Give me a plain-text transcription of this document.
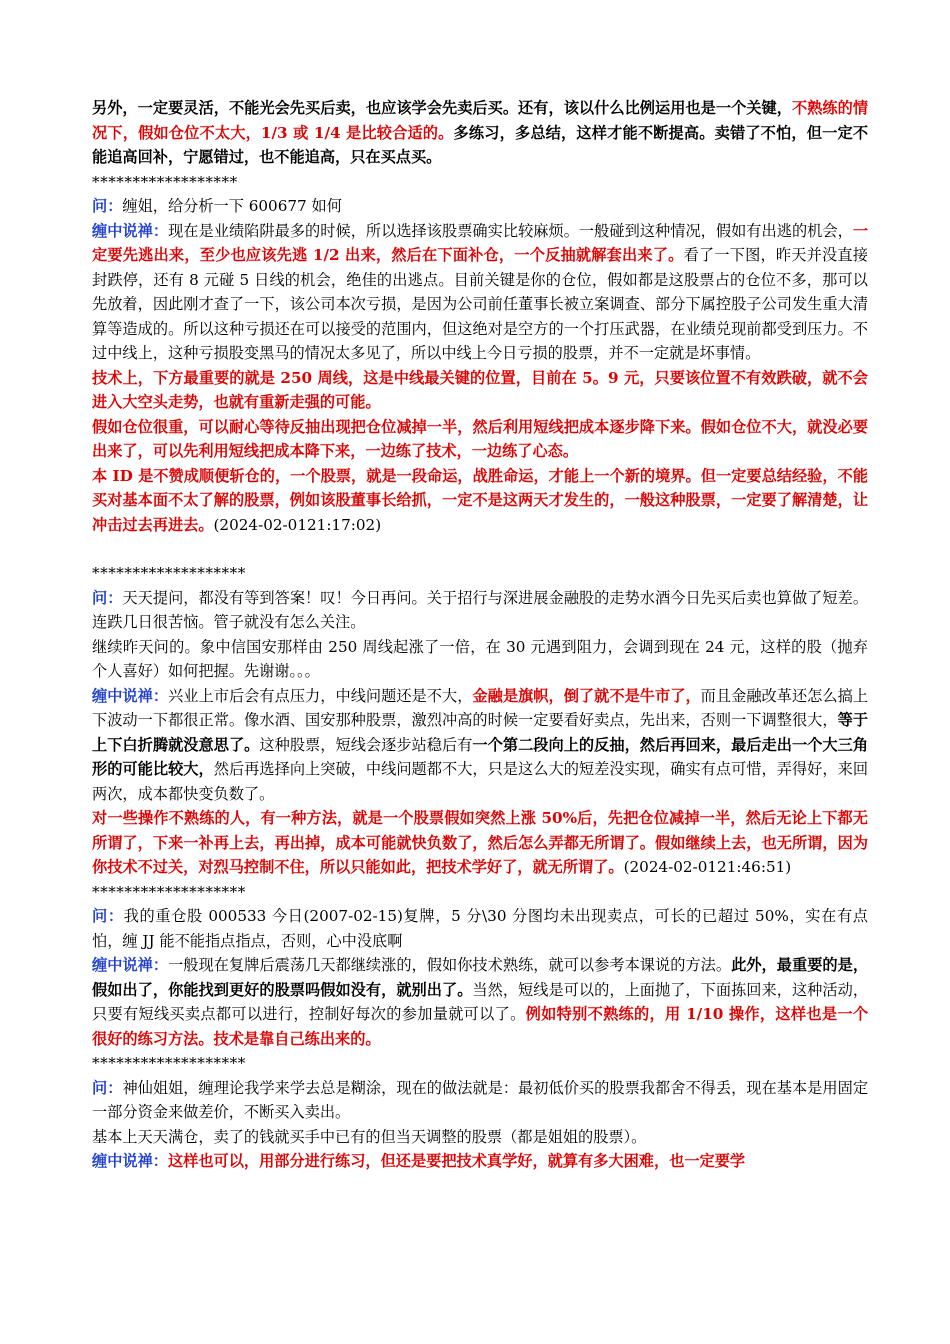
另外，一定要灵活，不能光会先买后卖，也应该学会先卖后买。还有，该以什么比例运用也是一个关键，不熟练的情况下，假如仓位不太大，1/3 或 1/4 是比较合适的。多练习，多总结，这样才能不断提高。卖错了不怕，但一定不能追高回补，宁愿错过，也不能追高，只在买点买。

******************

问：缠姐，给分析一下 600677 如何

缠中说禅：现在是业绩陷阱最多的时候，所以选择该股票确实比较麻烦。一般碰到这种情况，假如有出逃的机会，一定要先逃出来，至少也应该先逃 1/2 出来，然后在下面补仓，一个反抽就解套出来了。看了一下图，昨天并没直接封跌停，还有 8 元碰 5 日线的机会，绝佳的出逃点。目前关键是你的仓位，假如都是这股票占的仓位不多，那可以先放着，因此刚才查了一下，该公司本次亏损，是因为公司前任董事长被立案调查、部分下属控股子公司发生重大清算等造成的。所以这种亏损还在可以接受的范围内，但这绝对是空方的一个打压武器，在业绩兑现前都受到压力。不过中线上，这种亏损股变黑马的情况太多见了，所以中线上今日亏损的股票，并不一定就是坏事情。

技术上，下方最重要的就是 250 周线，这是中线最关键的位置，目前在 5。9 元，只要该位置不有效跌破，就不会进入大空头走势，也就有重新走强的可能。

假如仓位很重，可以耐心等待反抽出现把仓位减掉一半，然后利用短线把成本逐步降下来。假如仓位不大，就没必要出来了，可以先利用短线把成本降下来，一边练了技术，一边练了心态。

本 ID 是不赞成顺便斩仓的，一个股票，就是一段命运，战胜命运，才能上一个新的境界。但一定要总结经验，不能买对基本面不太了解的股票，例如该股董事长给抓，一定不是这两天才发生的，一般这种股票，一定要了解清楚，让冲击过去再进去。(2024-02-0121:17:02)

*******************

问：天天提问，都没有等到答案！叹！今日再问。关于招行与深进展金融股的走势水酒今日先买后卖也算做了短差。连跌几日很苦恼。管子就没有怎么关注。

继续昨天问的。象中信国安那样由 250 周线起涨了一倍，在 30 元遇到阻力，会调到现在 24 元，这样的股（抛弃个人喜好）如何把握。先谢谢。。。

缠中说禅：兴业上市后会有点压力，中线问题还是不大，金融是旗帜，倒了就不是牛市了，而且金融改革还怎么搞上下波动一下都很正常。像水酒、国安那种股票，激烈冲高的时候一定要看好卖点，先出来，否则一下调整很大，等于上下白折腾就没意思了。这种股票，短线会逐步站稳后有一个第二段向上的反抽，然后再回来，最后走出一个大三角形的可能比较大，然后再选择向上突破，中线问题都不大，只是这么大的短差没实现，确实有点可惜，弄得好，来回两次，成本都快变负数了。

对一些操作不熟练的人，有一种方法，就是一个股票假如突然上涨 50%后，先把仓位减掉一半，然后无论上下都无所谓了，下来一补再上去，再出掉，成本可能就快负数了，然后怎么弄都无所谓了。假如继续上去，也无所谓，因为你技术不过关，对烈马控制不住，所以只能如此，把技术学好了，就无所谓了。(2024-02-0121:46:51)

*******************

问：我的重仓股 000533 今日(2007-02-15)复牌，5 分\30 分图均未出现卖点，可长的已超过 50%，实在有点怕，缠 JJ 能不能指点指点，否则，心中没底啊

缠中说禅：一般现在复牌后震荡几天都继续涨的，假如你技术熟练，就可以参考本课说的方法。此外，最重要的是，假如出了，你能找到更好的股票吗假如没有，就别出了。当然，短线是可以的，上面抛了，下面拣回来，这种活动，只要有短线买卖点都可以进行，控制好每次的参加量就可以了。例如特别不熟练的，用 1/10 操作，这样也是一个很好的练习方法。技术是靠自己练出来的。

*******************

问：神仙姐姐，缠理论我学来学去总是糊涂，现在的做法就是：最初低价买的股票我都舍不得丢，现在基本是用固定一部分资金来做差价，不断买入卖出。

基本上天天满仓，卖了的钱就买手中已有的但当天调整的股票（都是姐姐的股票）。

缠中说禅：这样也可以，用部分进行练习，但还是要把技术真学好，就算有多大困难，也一定要学
